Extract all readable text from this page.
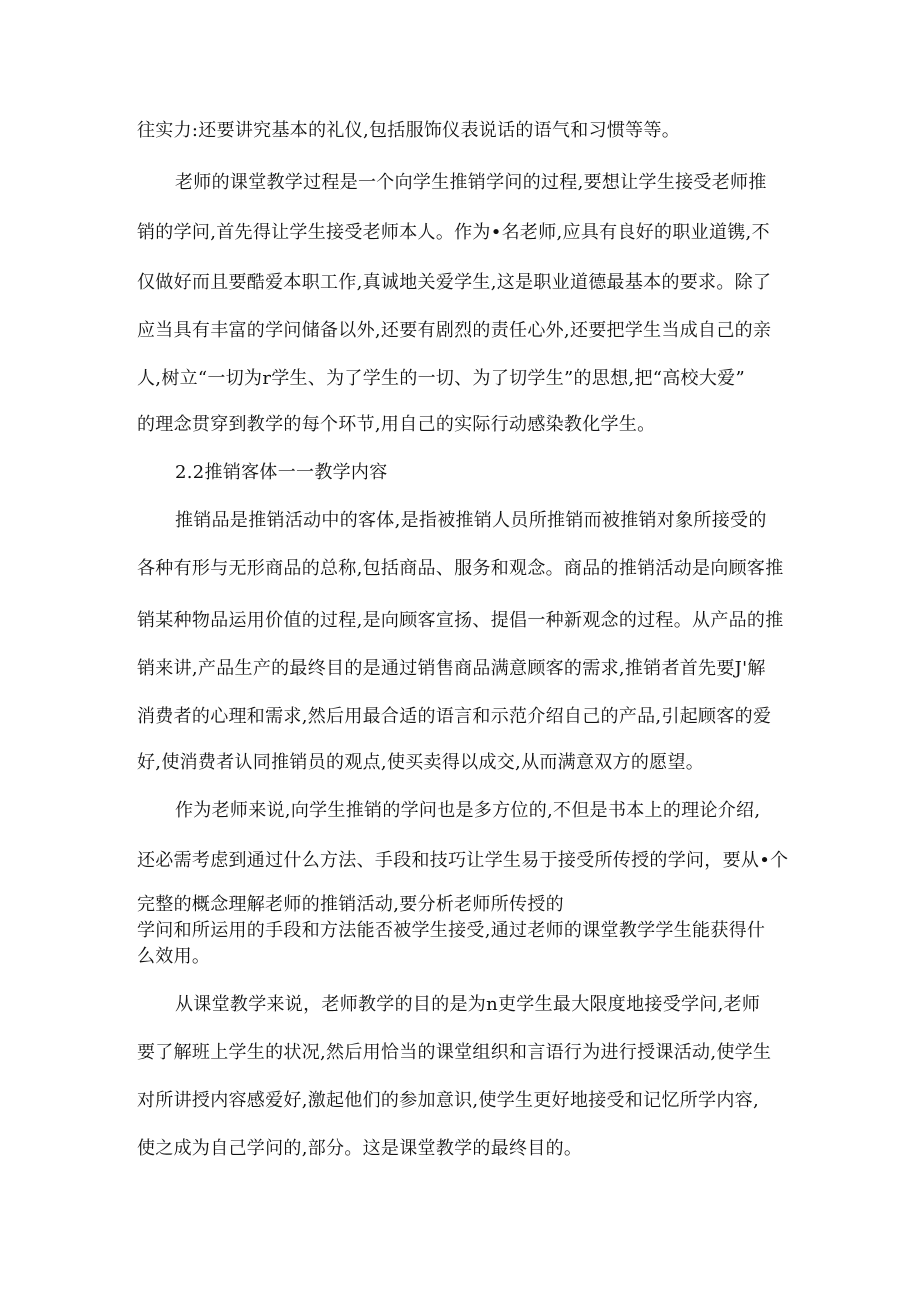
往实力:还要讲究基本的礼仪,包括服饰仪表说话的语气和习惯等等。
老师的课堂教学过程是一个向学生推销学问的过程,要想让学生接受老师推
销的学问,首先得让学生接受老师本人。作为•名老师,应具有良好的职业道镌,不
仅做好而且要酷爱本职工作,真诚地关爱学生,这是职业道德最基本的要求。除了
应当具有丰富的学问储备以外,还要有剧烈的责任心外,还要把学生当成自己的亲
人,树立“一切为r学生、为了学生的一切、为了切学生”的思想,把“高校大爱”
的理念贯穿到教学的每个环节,用自己的实际行动感染教化学生。
2.2推销客体一一教学内容
推销品是推销活动中的客体,是指被推销人员所推销而被推销对象所接受的
各种有形与无形商品的总称,包括商品、服务和观念。商品的推销活动是向顾客推
销某种物品运用价值的过程,是向顾客宣扬、提倡一种新观念的过程。从产品的推
销来讲,产品生产的最终目的是通过销售商品满意顾客的需求,推销者首先要J'解
消费者的心理和需求,然后用最合适的语言和示范介绍自己的产品,引起顾客的爱
好,使消费者认同推销员的观点,使买卖得以成交,从而满意双方的愿望。
作为老师来说,向学生推销的学问也是多方位的,不但是书本上的理论介绍,
还必需考虑到通过什么方法、手段和技巧让学生易于接受所传授的学问，要从•个
完整的概念理解老师的推销活动,要分析老师所传授的
学问和所运用的手段和方法能否被学生接受,通过老师的课堂教学学生能获得什
么效用。
从课堂教学来说，老师教学的目的是为n吏学生最大限度地接受学问,老师
要了解班上学生的状况,然后用恰当的课堂组织和言语行为进行授课活动,使学生
对所讲授内容感爱好,激起他们的参加意识,使学生更好地接受和记忆所学内容,
使之成为自己学问的,部分。这是课堂教学的最终目的。
